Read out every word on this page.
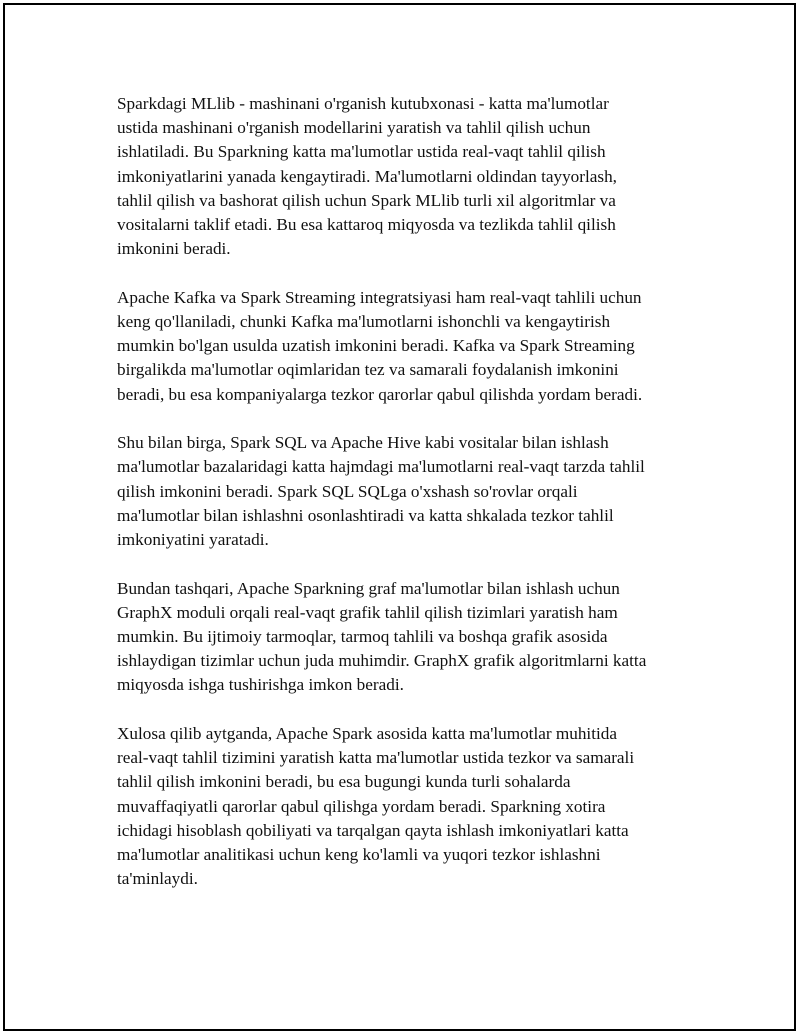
Sparkdagi MLlib - mashinani o'rganish kutubxonasi - katta ma'lumotlar
ustida mashinani o'rganish modellarini yaratish va tahlil qilish uchun
ishlatiladi. Bu Sparkning katta ma'lumotlar ustida real-vaqt tahlil qilish
imkoniyatlarini yanada kengaytiradi. Ma'lumotlarni oldindan tayyorlash,
tahlil qilish va bashorat qilish uchun Spark MLlib turli xil algoritmlar va
vositalarni taklif etadi. Bu esa kattaroq miqyosda va tezlikda tahlil qilish
imkonini beradi.

Apache Kafka va Spark Streaming integratsiyasi ham real-vaqt tahlili uchun
keng qo'llaniladi, chunki Kafka ma'lumotlarni ishonchli va kengaytirish
mumkin bo'lgan usulda uzatish imkonini beradi. Kafka va Spark Streaming
birgalikda ma'lumotlar oqimlaridan tez va samarali foydalanish imkonini
beradi, bu esa kompaniyalarga tezkor qarorlar qabul qilishda yordam beradi.

Shu bilan birga, Spark SQL va Apache Hive kabi vositalar bilan ishlash
ma'lumotlar bazalaridagi katta hajmdagi ma'lumotlarni real-vaqt tarzda tahlil
qilish imkonini beradi. Spark SQL SQLga o'xshash so'rovlar orqali
ma'lumotlar bilan ishlashni osonlashtiradi va katta shkalada tezkor tahlil
imkoniyatini yaratadi.

Bundan tashqari, Apache Sparkning graf ma'lumotlar bilan ishlash uchun
GraphX moduli orqali real-vaqt grafik tahlil qilish tizimlari yaratish ham
mumkin. Bu ijtimoiy tarmoqlar, tarmoq tahlili va boshqa grafik asosida
ishlaydigan tizimlar uchun juda muhimdir. GraphX grafik algoritmlarni katta
miqyosda ishga tushirishga imkon beradi.

Xulosa qilib aytganda, Apache Spark asosida katta ma'lumotlar muhitida
real-vaqt tahlil tizimini yaratish katta ma'lumotlar ustida tezkor va samarali
tahlil qilish imkonini beradi, bu esa bugungi kunda turli sohalarda
muvaffaqiyatli qarorlar qabul qilishga yordam beradi. Sparkning xotira
ichidagi hisoblash qobiliyati va tarqalgan qayta ishlash imkoniyatlari katta
ma'lumotlar analitikasi uchun keng ko'lamli va yuqori tezkor ishlashni
ta'minlaydi.
